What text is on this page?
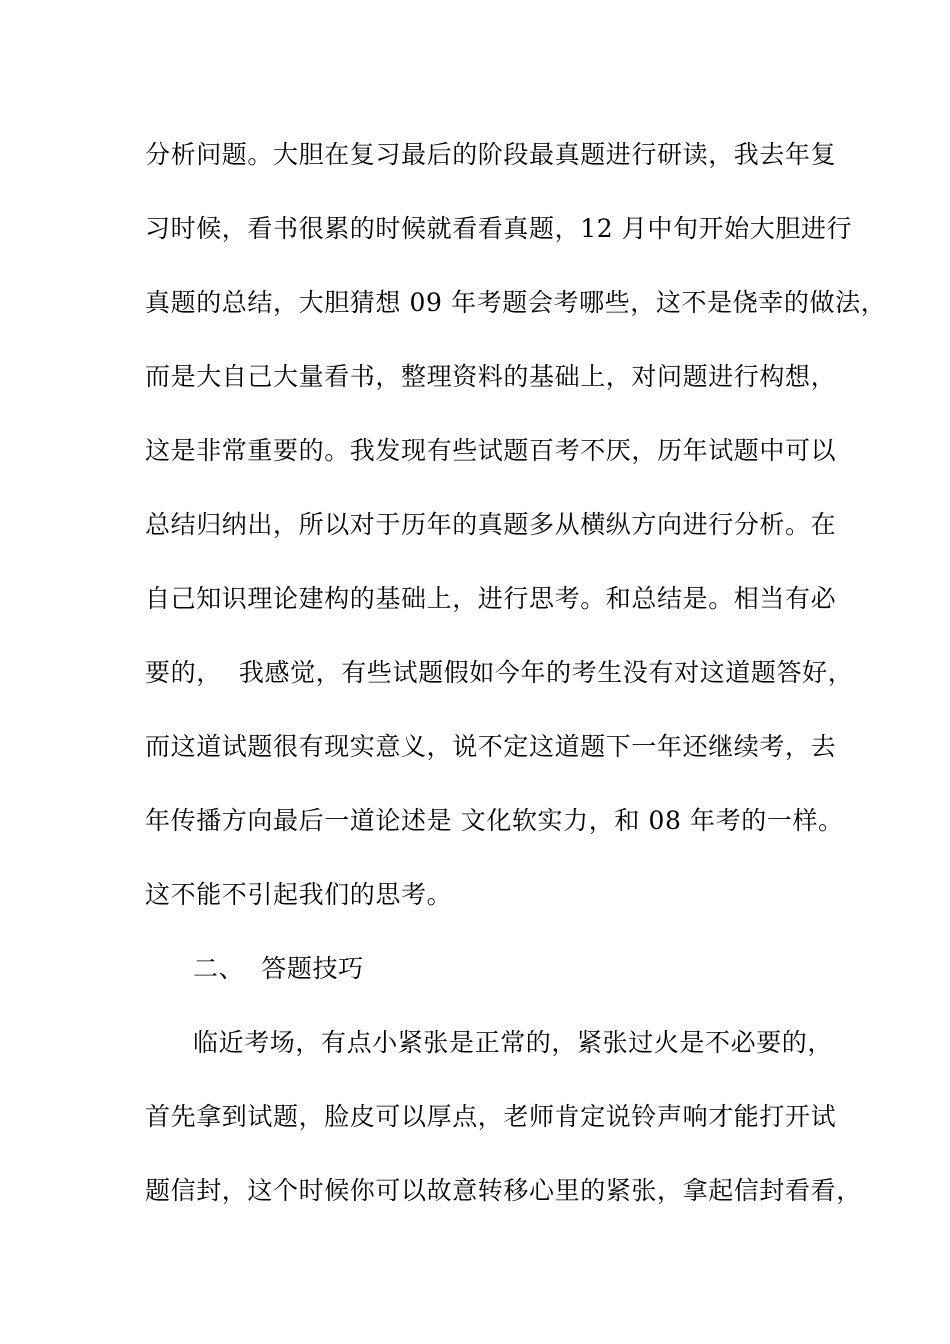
分析问题。大胆在复习最后的阶段最真题进行研读，我去年复
习时候，看书很累的时候就看看真题，12 月中旬开始大胆进行
真题的总结，大胆猜想 09 年考题会考哪些，这不是侥幸的做法，
而是大自己大量看书，整理资料的基础上，对问题进行构想，
这是非常重要的。我发现有些试题百考不厌，历年试题中可以
总结归纳出，所以对于历年的真题多从横纵方向进行分析。在
自己知识理论建构的基础上，进行思考。和总结是。相当有必
要的，  我感觉，有些试题假如今年的考生没有对这道题答好，
而这道试题很有现实意义，说不定这道题下一年还继续考，去
年传播方向最后一道论述是 文化软实力，和 08 年考的一样。
这不能不引起我们的思考。
二、  答题技巧
临近考场，有点小紧张是正常的，紧张过火是不必要的，
首先拿到试题，脸皮可以厚点，老师肯定说铃声响才能打开试
题信封，这个时候你可以故意转移心里的紧张，拿起信封看看，
